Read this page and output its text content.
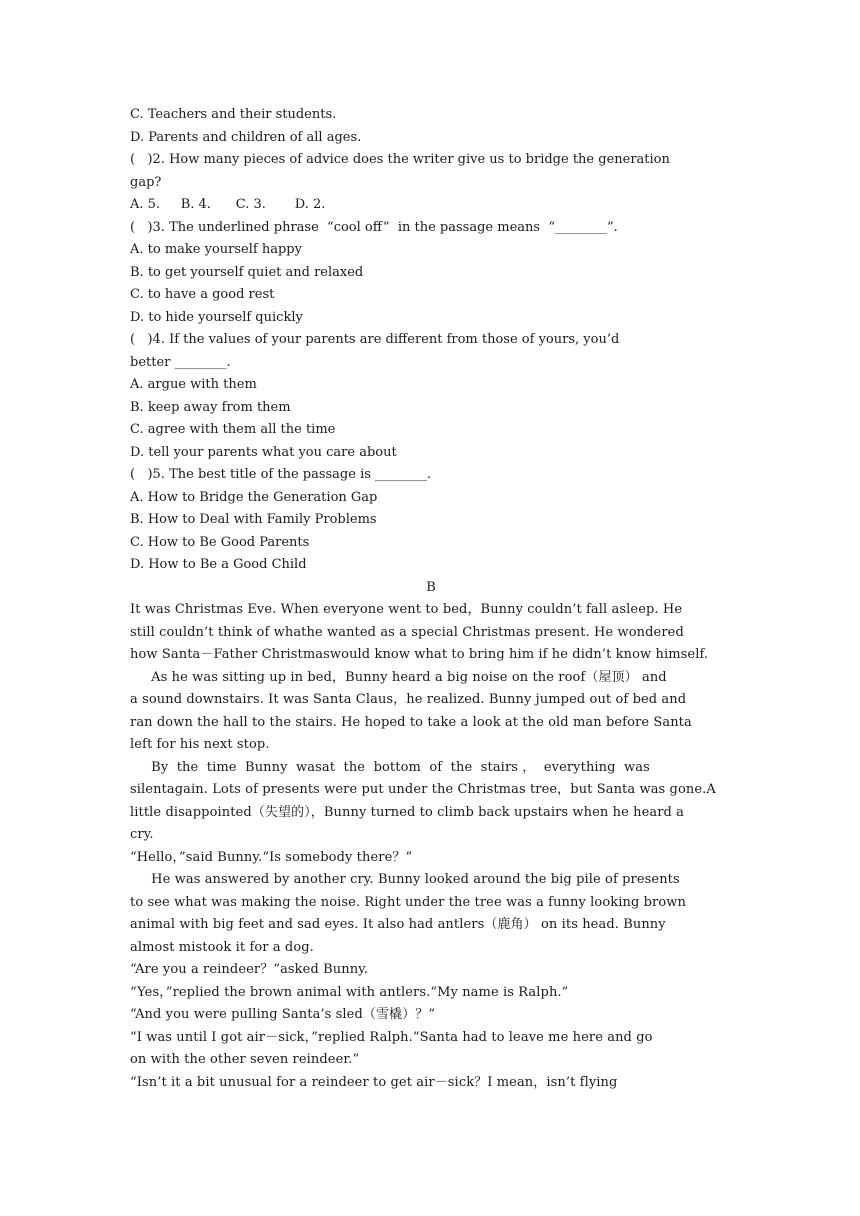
C. Teachers and their students.
D. Parents and children of all ages.
(   )2. How many pieces of advice does the writer give us to bridge the generation
gap?
A. 5.     B. 4.      C. 3.       D. 2.
(   )3. The underlined phrase  “cool off”  in the passage means  “________”.
A. to make yourself happy
B. to get yourself quiet and relaxed
C. to have a good rest
D. to hide yourself quickly
(   )4. If the values of your parents are different from those of yours, you’d
better ________.
A. argue with them
B. keep away from them
C. agree with them all the time
D. tell your parents what you care about
(   )5. The best title of the passage is ________.
A. How to Bridge the Generation Gap
B. How to Deal with Family Problems
C. How to Be Good Parents
D. How to Be a Good Child
B
It was Christmas Eve. When everyone went to bed，Bunny couldn’t fall asleep. He
still couldn’t think of whathe wanted as a special Christmas present. He wondered
how Santa－Father Christmaswould know what to bring him if he didn’t know himself.
As he was sitting up in bed，Bunny heard a big noise on the roof（屋顶） and
a sound downstairs. It was Santa Claus，he realized. Bunny jumped out of bed and
ran down the hall to the stairs. He hoped to take a look at the old man before Santa
left for his next stop.
By  the  time  Bunny  wasat  the  bottom  of  the  stairs ，  everything  was
silentagain. Lots of presents were put under the Christmas tree，but Santa was gone.A
little disappointed（失望的），Bunny turned to climb back upstairs when he heard a
cry.
“Hello，”said Bunny.“Is somebody there？”
He was answered by another cry. Bunny looked around the big pile of presents
to see what was making the noise. Right under the tree was a funny looking brown
animal with big feet and sad eyes. It also had antlers（鹿角） on its head. Bunny
almost mistook it for a dog.
“Are you a reindeer？”asked Bunny.
“Yes，”replied the brown animal with antlers.“My name is Ralph.”
“And you were pulling Santa’s sled（雪橇）？”
“I was until I got air－sick，”replied Ralph.“Santa had to leave me here and go
on with the other seven reindeer.”
“Isn’t it a bit unusual for a reindeer to get air－sick？I mean，isn’t flying
